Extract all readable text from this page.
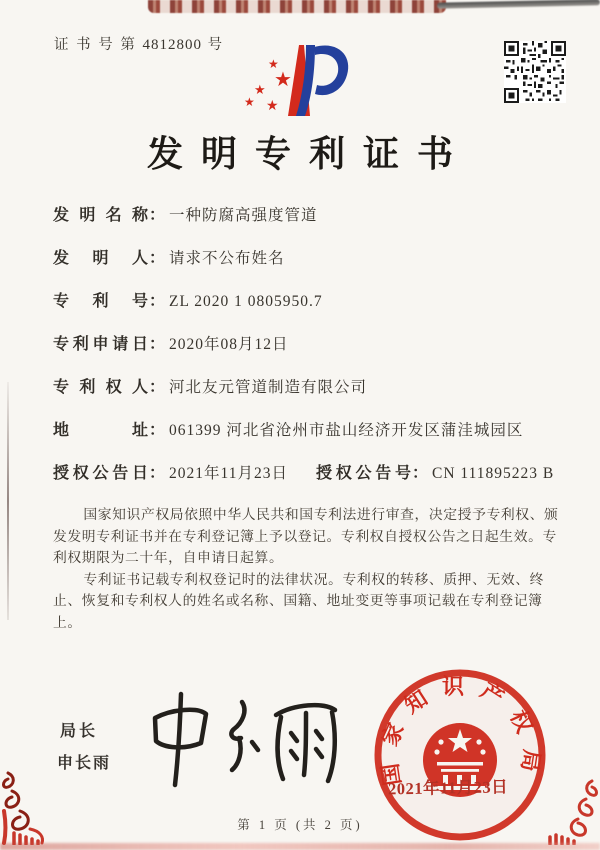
证 书 号 第 4812800 号
★
★
★
★ ★
发明专利证书
发明名称： 一种防腐高强度管道
发明人： 请求不公布姓名
专利号： ZL 2020 1 0805950.7
专利申请日： 2020年08月12日
专利权人： 河北友元管道制造有限公司
地址： 061399 河北省沧州市盐山经济开发区蒲洼城园区
授权公告日： 2021年11月23日	授权公告号： CN 111895223 B

国家知识产权局依照中华人民共和国专利法进行审查，决定授予专利权、颁发发明专利证书并在专利登记簿上予以登记。专利权自授权公告之日起生效。专利权期限为二十年，自申请日起算。

专利证书记载专利权登记时的法律状况。专利权的转移、质押、无效、终止、恢复和专利权人的姓名或名称、国籍、地址变更等事项记载在专利登记簿上。

局长
申长雨	国家知识产权局
2021年11月23日
第 1 页 (共 2 页)
